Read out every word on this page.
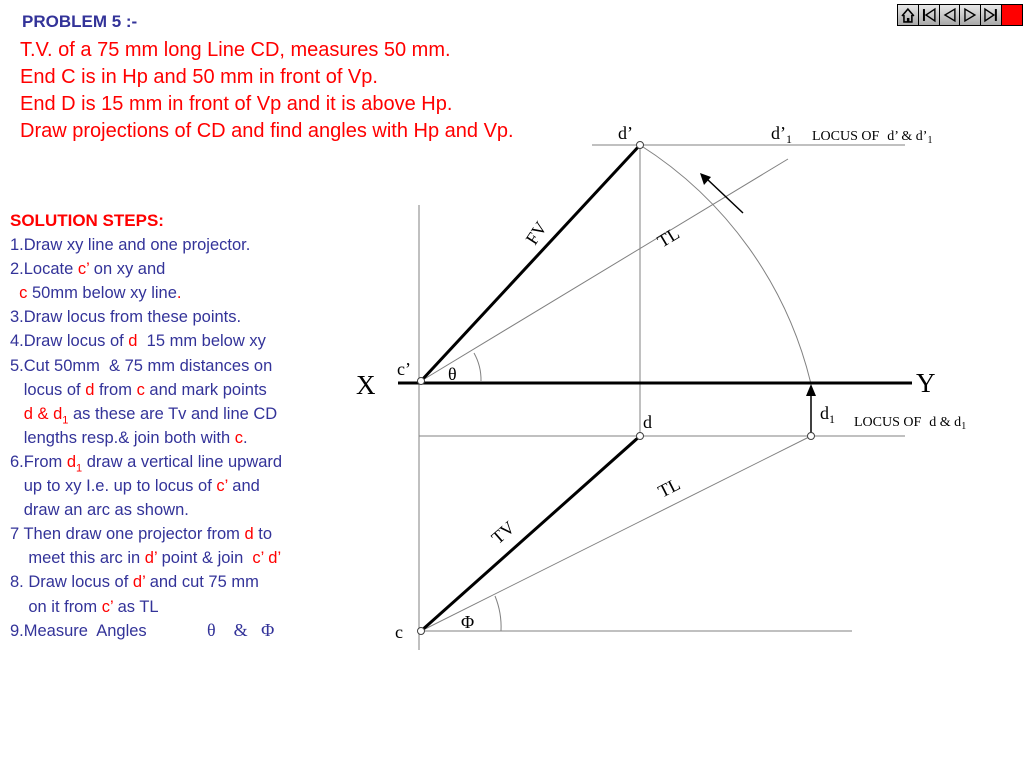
PROBLEM 5 :-
T.V. of a 75 mm long Line CD, measures 50 mm.
End C is in Hp and 50 mm in front of Vp.
End D is 15 mm in front of Vp and it is above Hp.
Draw projections of CD and find angles with Hp and Vp.
SOLUTION STEPS:
1.Draw xy line and one projector.
2.Locate c’ on xy and
c 50mm below xy line.
3.Draw locus from these points.
4.Draw locus of d  15 mm below xy
5.Cut 50mm  & 75 mm distances on
locus of d from c and mark points
d & $d_1$ as these are Tv and line CD
lengths resp.& join both with c.
6.From $d_1$ draw a vertical line upward
up to xy I.e. up to locus of c’ and
draw an arc as shown.
7 Then draw one projector from d to
meet this arc in d’ point & join  c’ d’
8. Draw locus of d’ and cut 75 mm
on it from c’ as TL
9.Measure  Angles	θ    &   Φ
X	Y
c’
c
d
d’
$d_1$
$d’_1$ LOCUS OF d’ & $d’_1$
LOCUS OF d & $d_1$
FV
TV
TL
TL
θ
Φ
